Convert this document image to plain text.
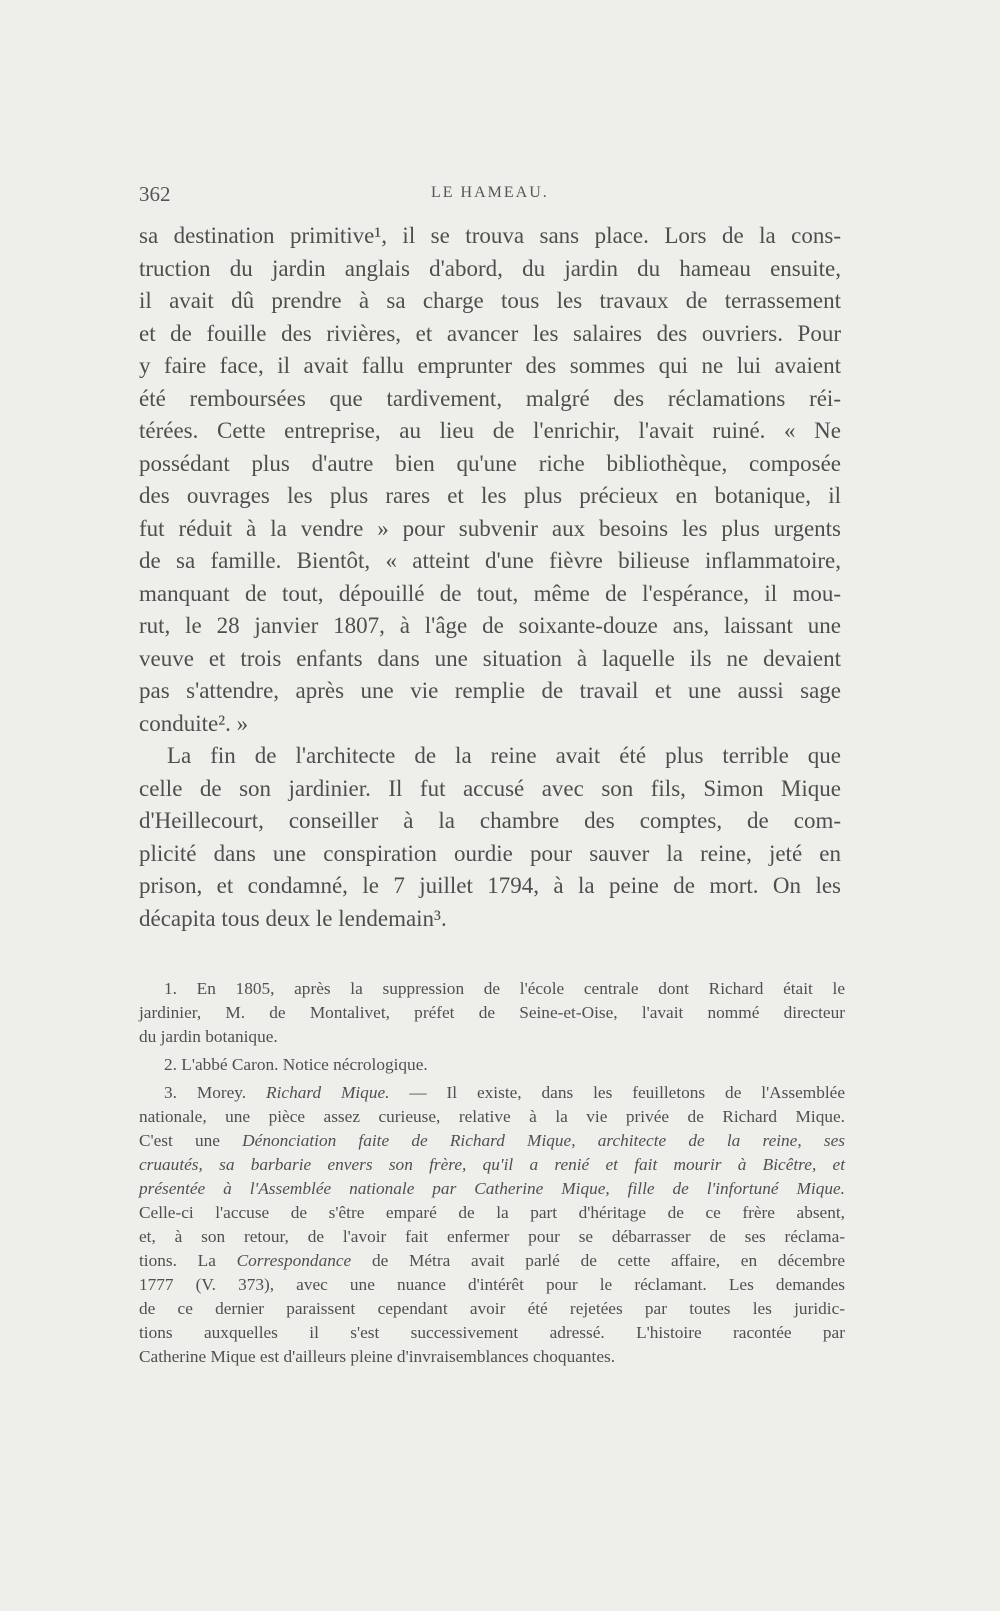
362	LE HAMEAU.
sa destination primitive¹, il se trouva sans place. Lors de la cons-
truction du jardin anglais d'abord, du jardin du hameau ensuite,
il avait dû prendre à sa charge tous les travaux de terrassement
et de fouille des rivières, et avancer les salaires des ouvriers. Pour
y faire face, il avait fallu emprunter des sommes qui ne lui avaient
été remboursées que tardivement, malgré des réclamations réi-
térées. Cette entreprise, au lieu de l'enrichir, l'avait ruiné. « Ne
possédant plus d'autre bien qu'une riche bibliothèque, composée
des ouvrages les plus rares et les plus précieux en botanique, il
fut réduit à la vendre » pour subvenir aux besoins les plus urgents
de sa famille. Bientôt, « atteint d'une fièvre bilieuse inflammatoire,
manquant de tout, dépouillé de tout, même de l'espérance, il mou-
rut, le 28 janvier 1807, à l'âge de soixante-douze ans, laissant une
veuve et trois enfants dans une situation à laquelle ils ne devaient
pas s'attendre, après une vie remplie de travail et une aussi sage
conduite². »
La fin de l'architecte de la reine avait été plus terrible que
celle de son jardinier. Il fut accusé avec son fils, Simon Mique
d'Heillecourt, conseiller à la chambre des comptes, de com-
plicité dans une conspiration ourdie pour sauver la reine, jeté en
prison, et condamné, le 7 juillet 1794, à la peine de mort. On les
décapita tous deux le lendemain³.
1. En 1805, après la suppression de l'école centrale dont Richard était le
jardinier, M. de Montalivet, préfet de Seine-et-Oise, l'avait nommé directeur
du jardin botanique.
2. L'abbé Caron. Notice nécrologique.
3. Morey. Richard Mique. — Il existe, dans les feuilletons de l'Assemblée
nationale, une pièce assez curieuse, relative à la vie privée de Richard Mique.
C'est une Dénonciation faite de Richard Mique, architecte de la reine, ses
cruautés, sa barbarie envers son frère, qu'il a renié et fait mourir à Bicêtre, et
présentée à l'Assemblée nationale par Catherine Mique, fille de l'infortuné Mique.
Celle-ci l'accuse de s'être emparé de la part d'héritage de ce frère absent,
et, à son retour, de l'avoir fait enfermer pour se débarrasser de ses réclama-
tions. La Correspondance de Métra avait parlé de cette affaire, en décembre
1777 (V. 373), avec une nuance d'intérêt pour le réclamant. Les demandes
de ce dernier paraissent cependant avoir été rejetées par toutes les juridic-
tions auxquelles il s'est successivement adressé. L'histoire racontée par
Catherine Mique est d'ailleurs pleine d'invraisemblances choquantes.
